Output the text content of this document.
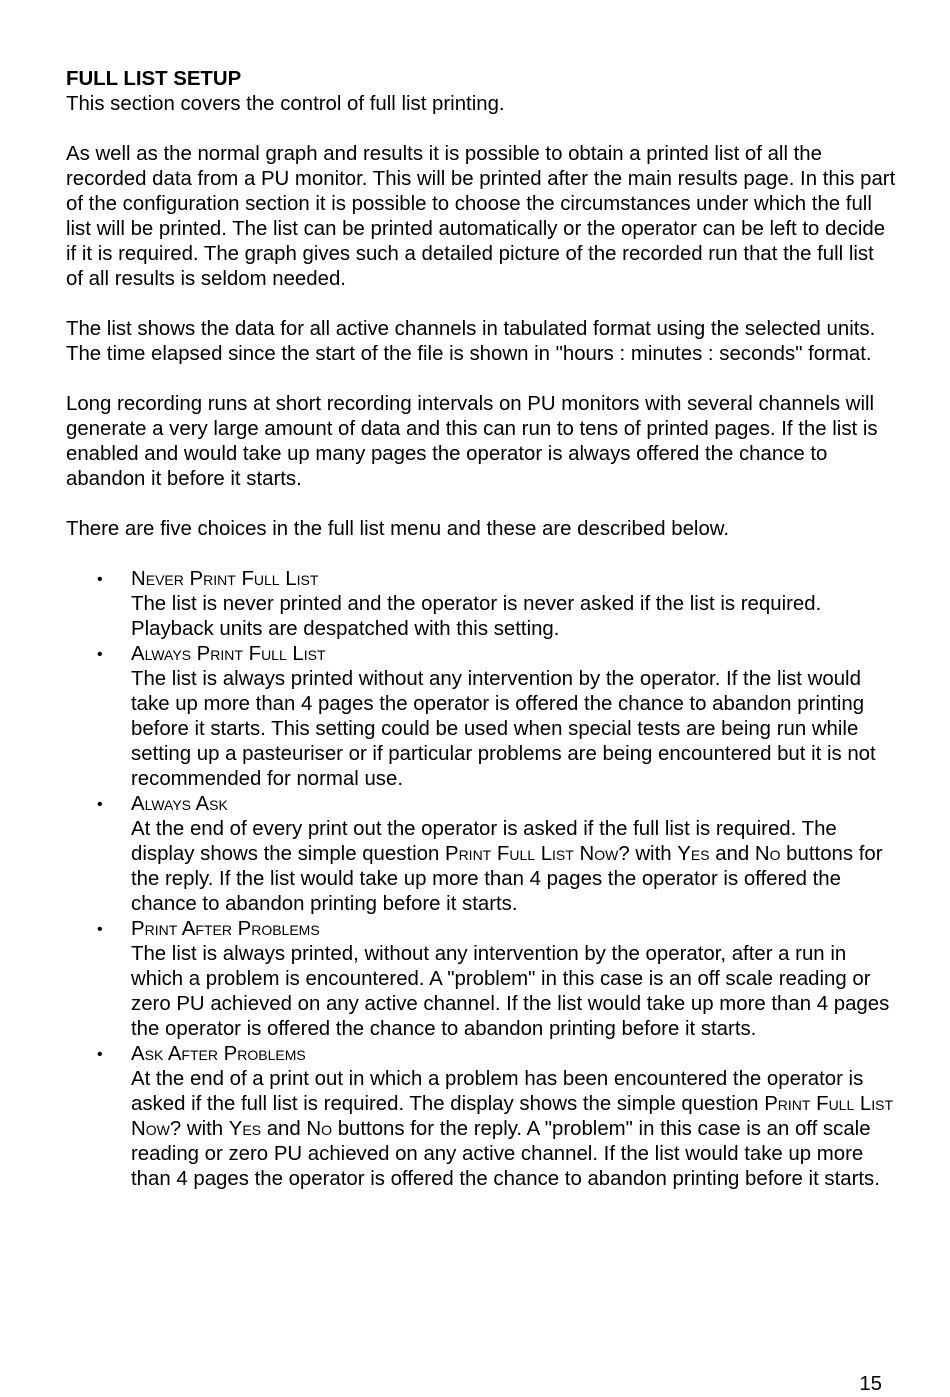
FULL LIST SETUP
This section covers the control of full list printing.

As well as the normal graph and results it is possible to obtain a printed list of all the recorded data from a PU monitor. This will be printed after the main results page. In this part of the configuration section it is possible to choose the circumstances under which the full list will be printed. The list can be printed automatically or the operator can be left to decide if it is required. The graph gives such a detailed picture of the recorded run that the full list of all results is seldom needed.

The list shows the data for all active channels in tabulated format using the selected units. The time elapsed since the start of the file is shown in "hours : minutes : seconds" format.

Long recording runs at short recording intervals on PU monitors with several channels will generate a very large amount of data and this can run to tens of printed pages. If the list is enabled and would take up many pages the operator is always offered the chance to abandon it before it starts.

There are five choices in the full list menu and these are described below.

• Never Print Full List
The list is never printed and the operator is never asked if the list is required. Playback units are despatched with this setting.
• Always Print Full List
The list is always printed without any intervention by the operator. If the list would take up more than 4 pages the operator is offered the chance to abandon printing before it starts. This setting could be used when special tests are being run while setting up a pasteuriser or if particular problems are being encountered but it is not recommended for normal use.
• Always Ask
At the end of every print out the operator is asked if the full list is required. The display shows the simple question Print Full List Now? with Yes and No buttons for the reply. If the list would take up more than 4 pages the operator is offered the chance to abandon printing before it starts.
• Print After Problems
The list is always printed, without any intervention by the operator, after a run in which a problem is encountered. A "problem" in this case is an off scale reading or zero PU achieved on any active channel. If the list would take up more than 4 pages the operator is offered the chance to abandon printing before it starts.
• Ask After Problems
At the end of a print out in which a problem has been encountered the operator is asked if the full list is required. The display shows the simple question Print Full List Now? with Yes and No buttons for the reply. A "problem" in this case is an off scale reading or zero PU achieved on any active channel. If the list would take up more than 4 pages the operator is offered the chance to abandon printing before it starts.
15
